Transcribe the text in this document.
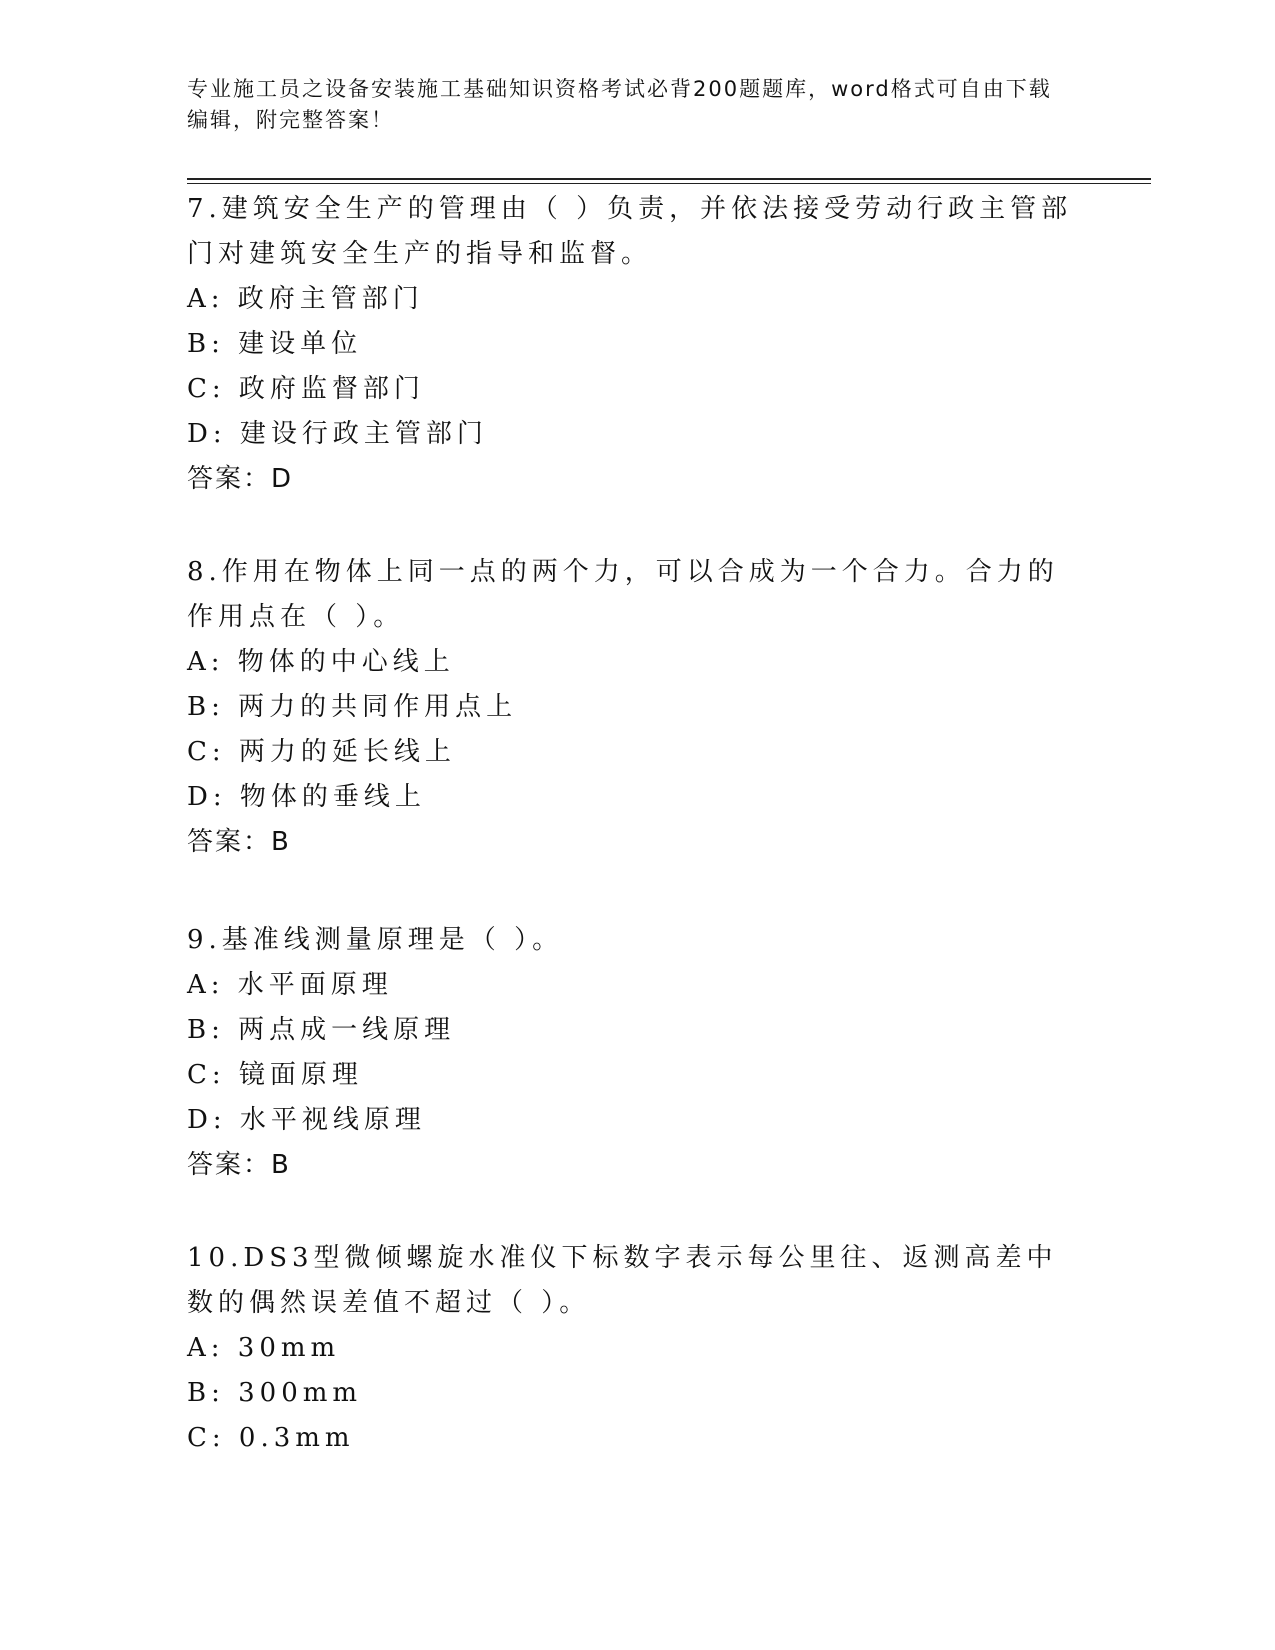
专业施工员之设备安装施工基础知识资格考试必背200题题库，word格式可自由下载编辑，附完整答案！

7.建筑安全生产的管理由（ ）负责，并依法接受劳动行政主管部门对建筑安全生产的指导和监督。

A: 政府主管部门

B: 建设单位

C: 政府监督部门

D: 建设行政主管部门

答案：D

8.作用在物体上同一点的两个力，可以合成为一个合力。合力的作用点在（ ）。

A: 物体的中心线上

B: 两力的共同作用点上

C: 两力的延长线上

D: 物体的垂线上

答案：B

9.基准线测量原理是（ ）。

A: 水平面原理

B: 两点成一线原理

C: 镜面原理

D: 水平视线原理

答案：B

10.DS3型微倾螺旋水准仪下标数字表示每公里往、返测高差中数的偶然误差值不超过（ ）。

A: 30mm

B: 300mm

C: 0.3mm
